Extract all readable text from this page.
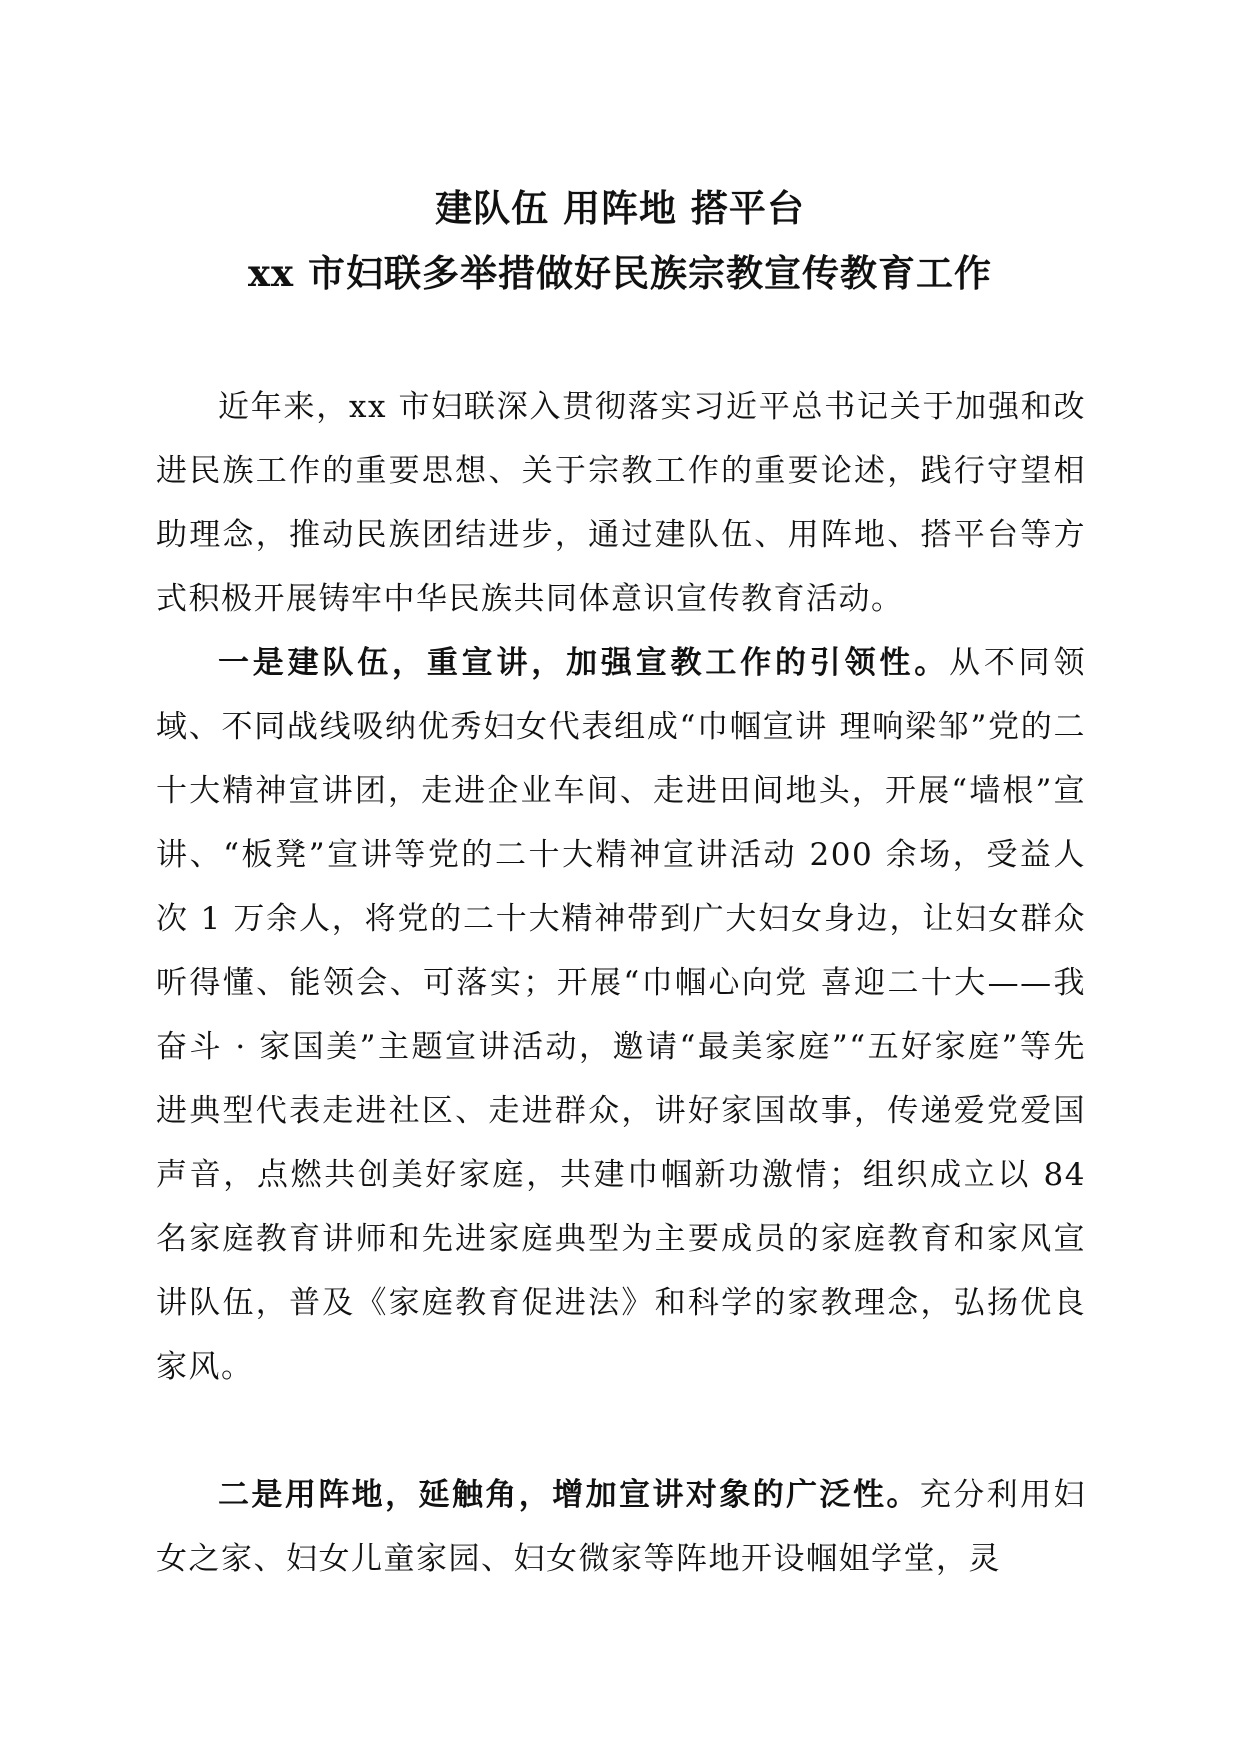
建队伍 用阵地 搭平台
xx 市妇联多举措做好民族宗教宣传教育工作

近年来，xx 市妇联深入贯彻落实习近平总书记关于加强和改进民族工作的重要思想、关于宗教工作的重要论述，践行守望相助理念，推动民族团结进步，通过建队伍、用阵地、搭平台等方式积极开展铸牢中华民族共同体意识宣传教育活动。

一是建队伍，重宣讲，加强宣教工作的引领性。从不同领域、不同战线吸纳优秀妇女代表组成“巾帼宣讲 理响梁邹”党的二十大精神宣讲团，走进企业车间、走进田间地头，开展“墙根”宣讲、“板凳”宣讲等党的二十大精神宣讲活动 200 余场，受益人次 1 万余人，将党的二十大精神带到广大妇女身边，让妇女群众听得懂、能领会、可落实；开展“巾帼心向党 喜迎二十大——我奋斗 · 家国美”主题宣讲活动，邀请“最美家庭”“五好家庭”等先进典型代表走进社区、走进群众，讲好家国故事，传递爱党爱国声音，点燃共创美好家庭，共建巾帼新功激情；组织成立以 84 名家庭教育讲师和先进家庭典型为主要成员的家庭教育和家风宣讲队伍，普及《家庭教育促进法》和科学的家教理念，弘扬优良家风。

二是用阵地，延触角，增加宣讲对象的广泛性。充分利用妇女之家、妇女儿童家园、妇女微家等阵地开设帼姐学堂，灵
